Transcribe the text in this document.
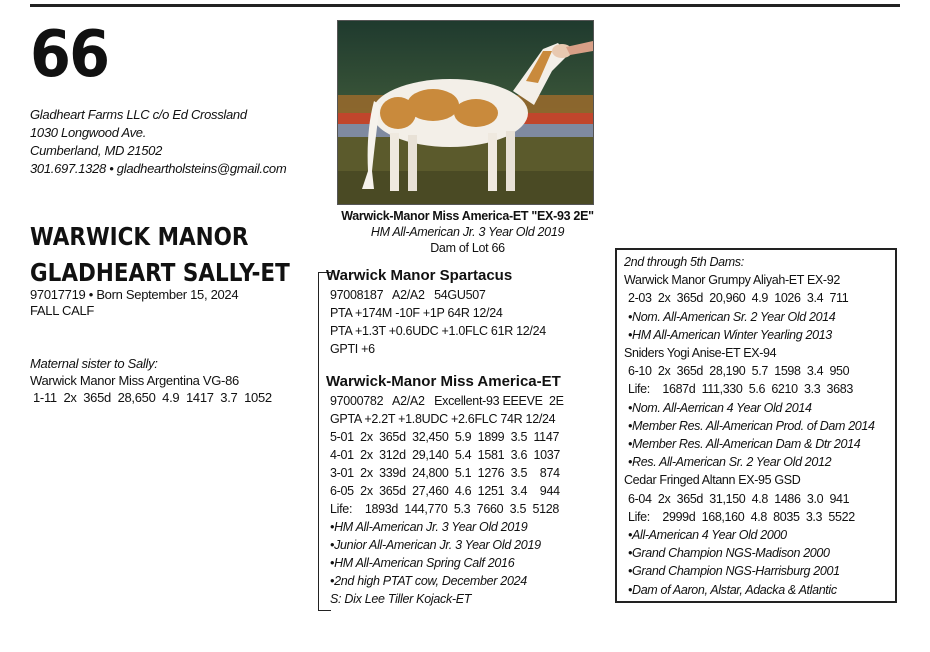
66
Gladheart Farms LLC c/o Ed Crossland
1030 Longwood Ave.
Cumberland, MD 21502
301.697.1328 • gladheartholsteins@gmail.com
WARWICK MANOR
GLADHEART SALLY-ET
97017719 • Born September 15, 2024
FALL CALF
Maternal sister to Sally:
Warwick Manor Miss Argentina VG-86
1-11  2x  365d  28,650  4.9  1417  3.7  1052
Warwick-Manor Miss America-ET "EX-93 2E"
HM All-American Jr. 3 Year Old 2019
Dam of Lot 66
Warwick Manor Spartacus
97008187   A2/A2   54GU507
PTA +174M -10F +1P 64R 12/24
PTA +1.3T +0.6UDC +1.0FLC 61R 12/24
GPTI +6
Warwick-Manor Miss America-ET
97000782   A2/A2   Excellent-93 EEEVE  2E
GPTA +2.2T +1.8UDC +2.6FLC 74R 12/24
5-01  2x  365d  32,450  5.9  1899  3.5  1147
4-01  2x  312d  29,140  5.4  1581  3.6  1037
3-01  2x  339d  24,800  5.1  1276  3.5    874
6-05  2x  365d  27,460  4.6  1251  3.4    944
Life:    1893d  144,770  5.3  7660  3.5  5128
•HM All-American Jr. 3 Year Old 2019
•Junior All-American Jr. 3 Year Old 2019
•HM All-American Spring Calf 2016
•2nd high PTAT cow, December 2024
S: Dix Lee Tiller Kojack-ET
2nd through 5th Dams:
Warwick Manor Grumpy Aliyah-ET EX-92
2-03  2x  365d  20,960  4.9  1026  3.4  711
•Nom. All-American Sr. 2 Year Old 2014
•HM All-American Winter Yearling 2013
Sniders Yogi Anise-ET EX-94
6-10  2x  365d  28,190  5.7  1598  3.4  950
Life:    1687d  111,330  5.6  6210  3.3  3683
•Nom. All-Aerrican 4 Year Old 2014
•Member Res. All-American Prod. of Dam 2014
•Member Res. All-American Dam & Dtr 2014
•Res. All-American Sr. 2 Year Old 2012
Cedar Fringed Altann EX-95 GSD
6-04  2x  365d  31,150  4.8  1486  3.0  941
Life:    2999d  168,160  4.8  8035  3.3  5522
•All-American 4 Year Old 2000
•Grand Champion NGS-Madison 2000
•Grand Champion NGS-Harrisburg 2001
•Dam of Aaron, Alstar, Adacka & Atlantic
